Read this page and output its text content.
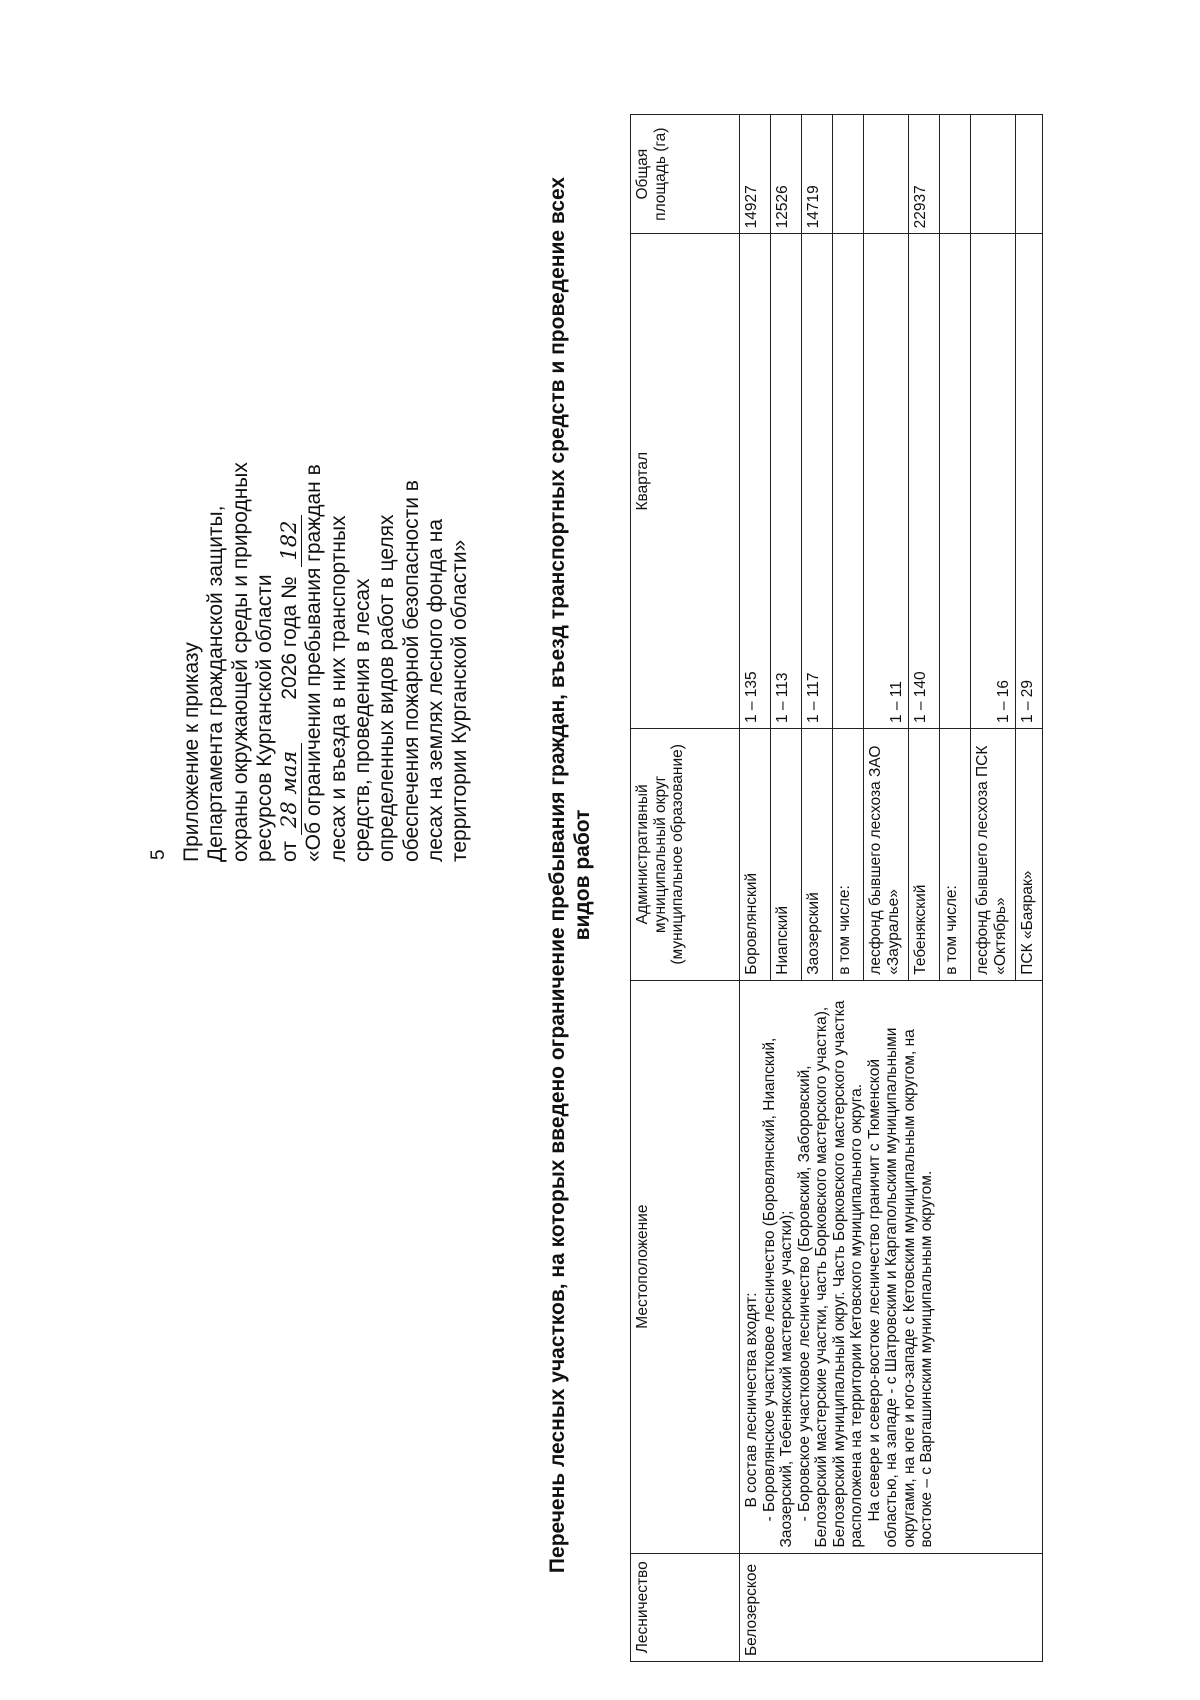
5 Приложение к приказу Департамента гражданской защиты, охраны окружающей среды и природных ресурсов Курганской области от 28 мая  2026 года № 182 «Об ограничении пребывания граждан в лесах и въезда в них транспортных средств, проведения в лесах определенных видов работ в целях обеспечения пожарной безопасности в лесах на землях лесного фонда на территории Курганской области»	Перечень лесных участков, на которых введено ограничение пребывания граждан, въезд транспортных средств и проведение всех видов работ
Лесничество	Местоположение	Административный муниципальный округ (муниципальное образование)	Квартал	Общая площадь (га)
Белозерское	В состав лесничества входят: - Боровлянское участковое лесничество (Боровлянский, Ниапский, Заозерский, Тебенякский мастерские участки); - Боровское участковое лесничество (Боровский, Заборовский, Белозерский мастерские участки, часть Борковского мастерского участка), Белозерский муниципальный округ. Часть Борковского мастерского участка расположена на территории Кетовского муниципального округа. На севере и северо-востоке лесничество граничит с Тюменской областью, на западе - с Шатровским и Каргапольским муниципальными округами, на юге и юго-западе с Кетовским муниципальным округом, на востоке – с Варгашинским муниципальным округом.	Боровлянский	1 – 135	14927
		Ниапский	1 – 113	12526
		Заозерский	1 – 117	14719
		в том числе:		
		лесфонд бывшего лесхоза ЗАО «Зауралье»	1 – 11	
		Тебенякский	1 – 140	22937
		в том числе:		
		лесфонд бывшего лесхоза ПСК «Октябрь»	1 – 16	
		ПСК «Баярак»	1 – 29	
